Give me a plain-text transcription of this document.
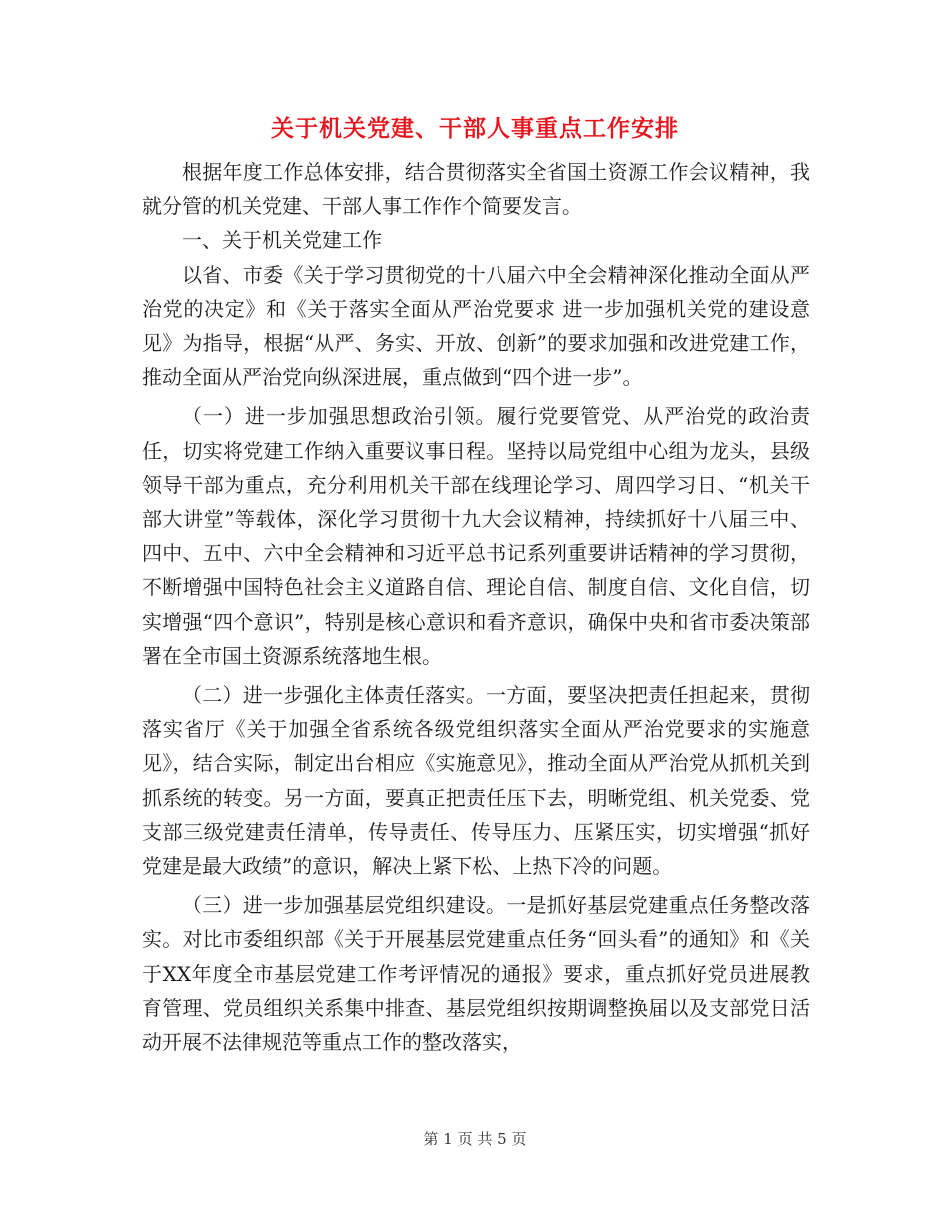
关于机关党建、干部人事重点工作安排

根据年度工作总体安排，结合贯彻落实全省国土资源工作会议精神，我就分管的机关党建、干部人事工作作个简要发言。

一、关于机关党建工作

以省、市委《关于学习贯彻党的十八届六中全会精神深化推动全面从严治党的决定》和《关于落实全面从严治党要求 进一步加强机关党的建设意见》为指导，根据“从严、务实、开放、创新”的要求加强和改进党建工作，推动全面从严治党向纵深进展，重点做到“四个进一步”。

（一）进一步加强思想政治引领。履行党要管党、从严治党的政治责任，切实将党建工作纳入重要议事日程。坚持以局党组中心组为龙头，县级领导干部为重点，充分利用机关干部在线理论学习、周四学习日、“机关干部大讲堂”等载体，深化学习贯彻十九大会议精神，持续抓好十八届三中、四中、五中、六中全会精神和习近平总书记系列重要讲话精神的学习贯彻，不断增强中国特色社会主义道路自信、理论自信、制度自信、文化自信，切实增强“四个意识”，特别是核心意识和看齐意识，确保中央和省市委决策部署在全市国土资源系统落地生根。

（二）进一步强化主体责任落实。一方面，要坚决把责任担起来，贯彻落实省厅《关于加强全省系统各级党组织落实全面从严治党要求的实施意见》，结合实际，制定出台相应《实施意见》，推动全面从严治党从抓机关到抓系统的转变。另一方面，要真正把责任压下去，明晰党组、机关党委、党支部三级党建责任清单，传导责任、传导压力、压紧压实，切实增强“抓好党建是最大政绩”的意识，解决上紧下松、上热下冷的问题。

（三）进一步加强基层党组织建设。一是抓好基层党建重点任务整改落实。对比市委组织部《关于开展基层党建重点任务“回头看”的通知》和《关于XX年度全市基层党建工作考评情况的通报》要求，重点抓好党员进展教育管理、党员组织关系集中排查、基层党组织按期调整换届以及支部党日活动开展不法律规范等重点工作的整改落实，

第 1 页 共 5 页
